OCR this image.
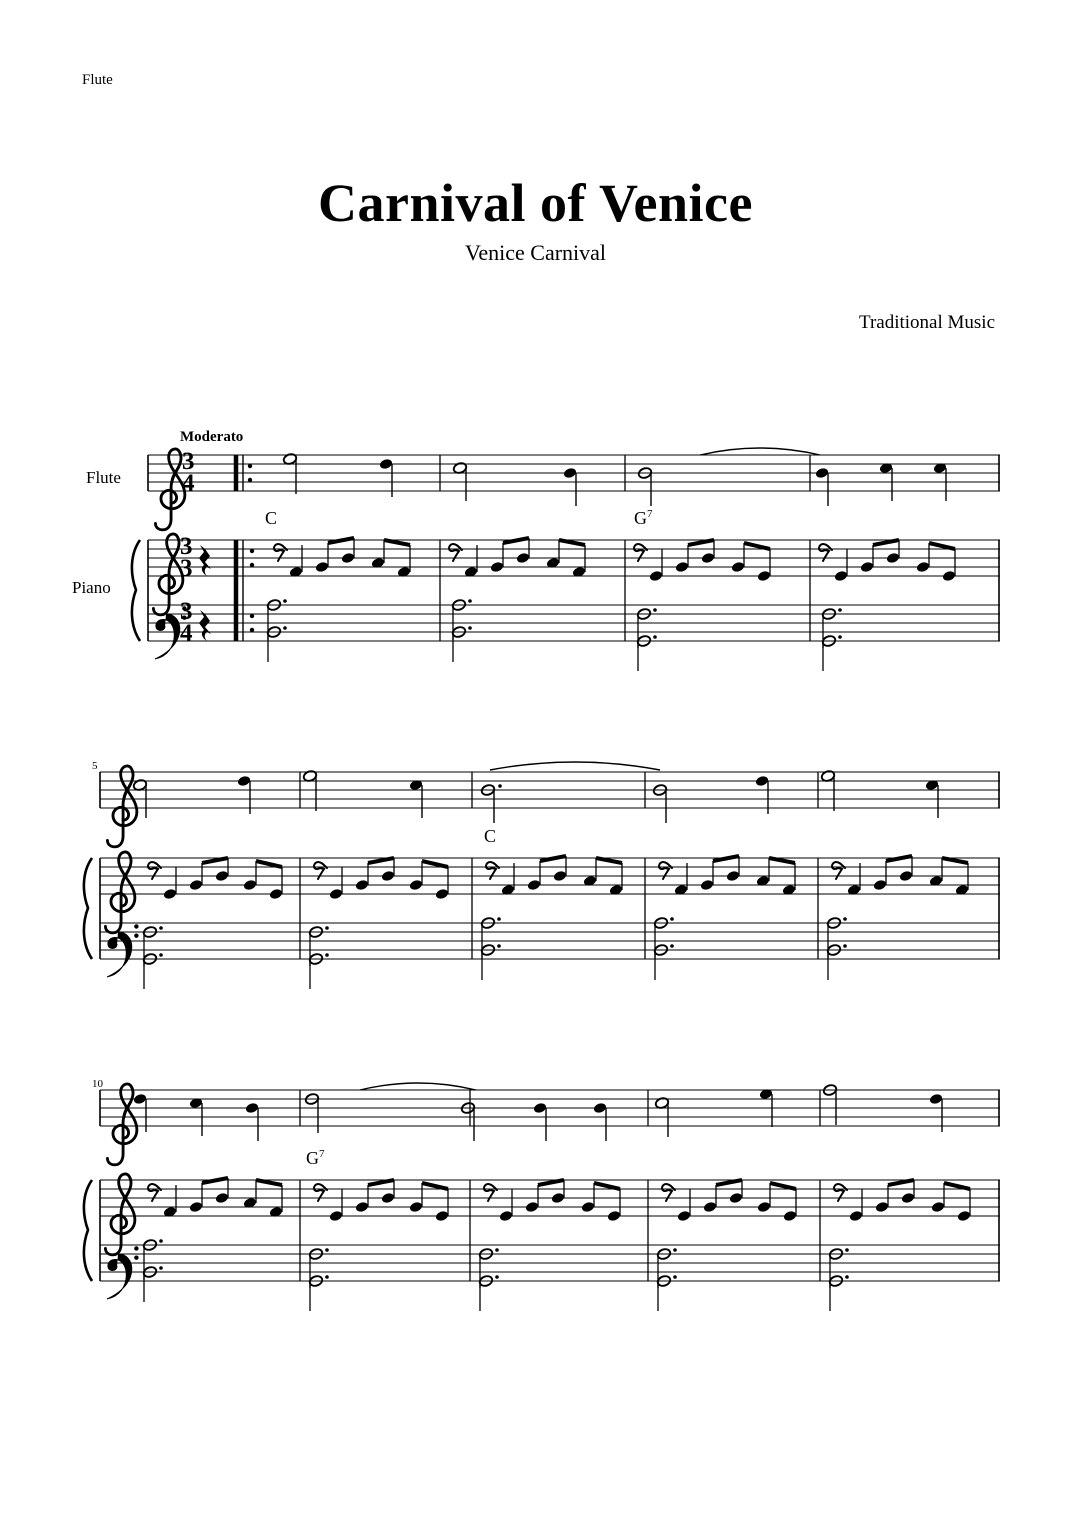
Flute
Carnival of Venice
Venice Carnival
Traditional Music
Moderato
Flute
Piano
5
10
C	$G^7$
C
$G^7$
3
4
3
3
3
4
